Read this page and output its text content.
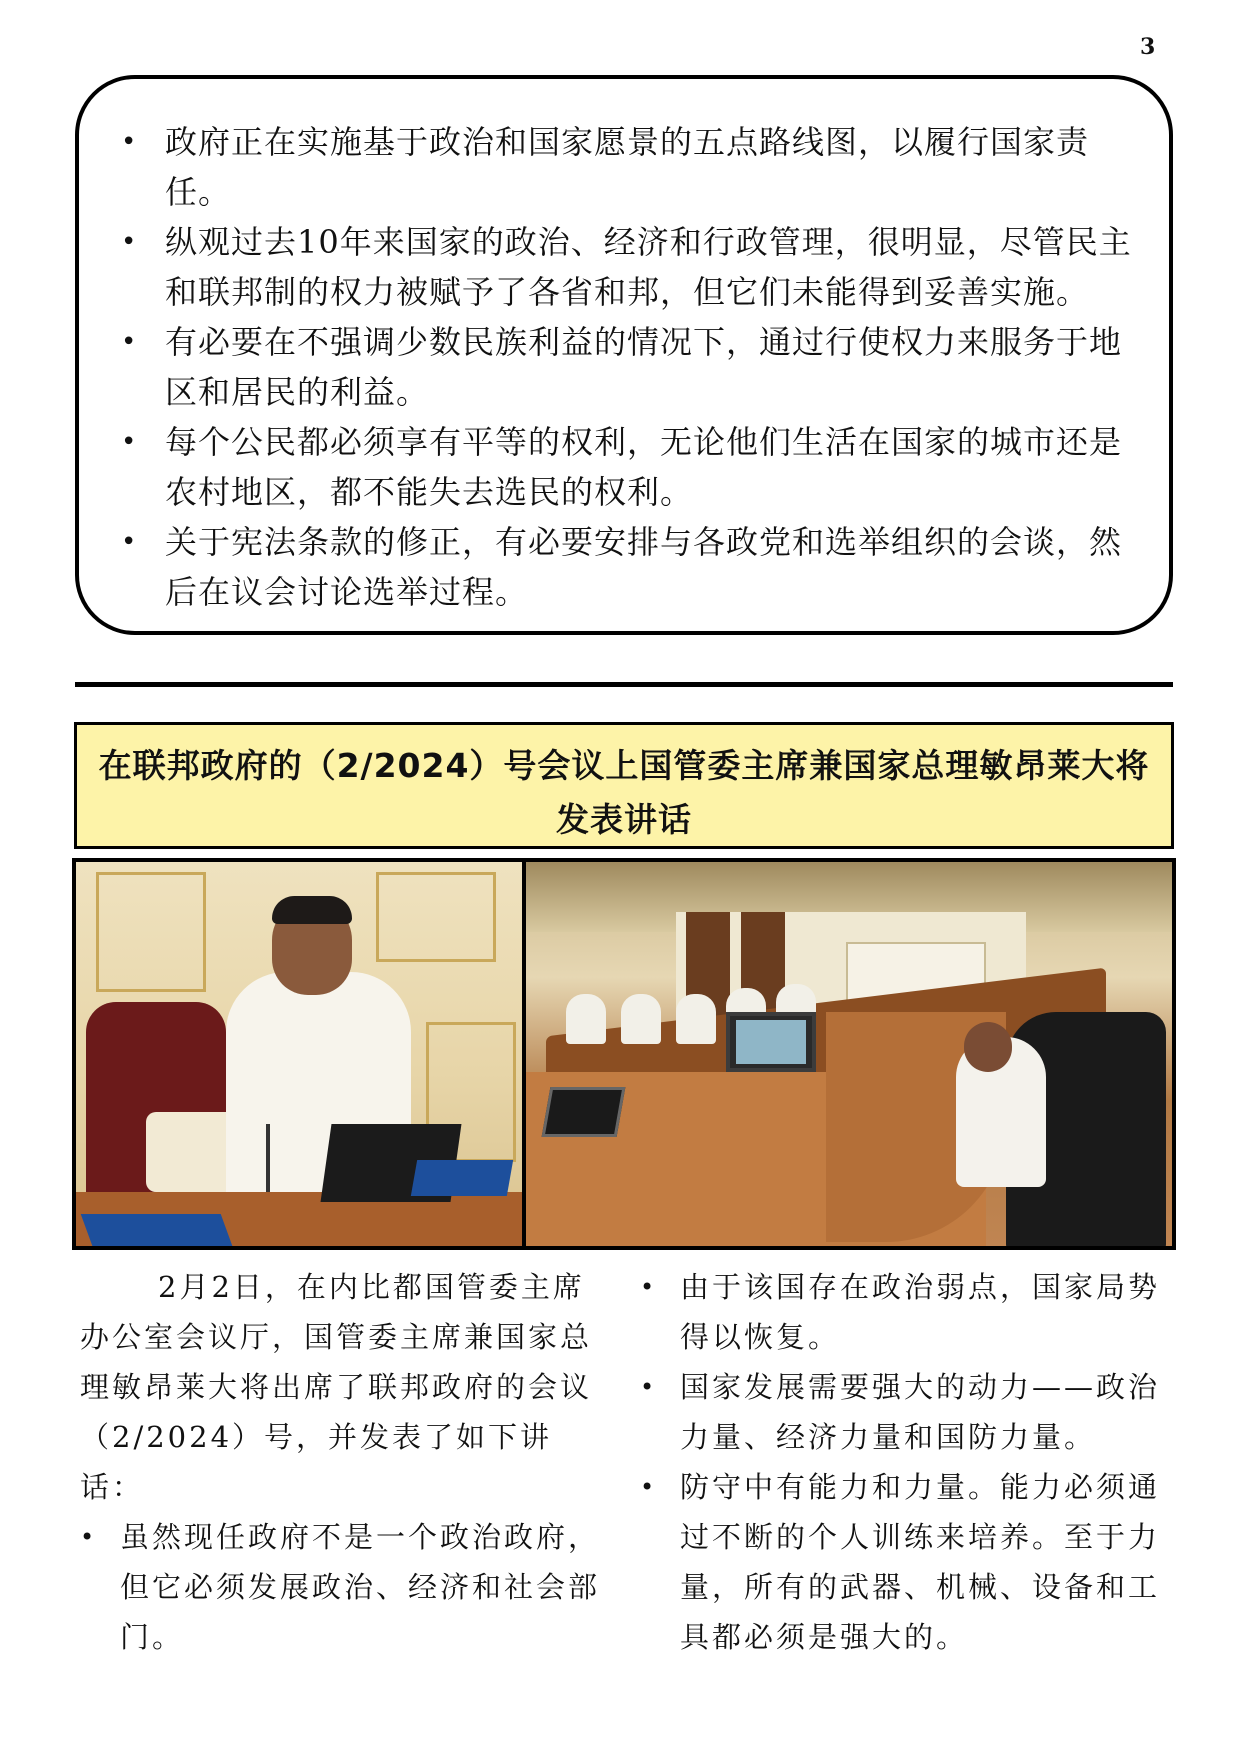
3
• 政府正在实施基于政治和国家愿景的五点路线图，以履行国家责任。
• 纵观过去10年来国家的政治、经济和行政管理，很明显，尽管民主和联邦制的权力被赋予了各省和邦，但它们未能得到妥善实施。
• 有必要在不强调少数民族利益的情况下，通过行使权力来服务于地区和居民的利益。
• 每个公民都必须享有平等的权利，无论他们生活在国家的城市还是农村地区，都不能失去选民的权利。
• 关于宪法条款的修正，有必要安排与各政党和选举组织的会谈，然后在议会讨论选举过程。
在联邦政府的（2/2024）号会议上国管委主席兼国家总理敏昂莱大将发表讲话

2月2日，在内比都国管委主席办公室会议厅，国管委主席兼国家总理敏昂莱大将出席了联邦政府的会议（2/2024）号，并发表了如下讲话：

• 虽然现任政府不是一个政治政府，但它必须发展政治、经济和社会部门。
• 由于该国存在政治弱点，国家局势得以恢复。
• 国家发展需要强大的动力——政治力量、经济力量和国防力量。
• 防守中有能力和力量。能力必须通过不断的个人训练来培养。至于力量，所有的武器、机械、设备和工具都必须是强大的。
